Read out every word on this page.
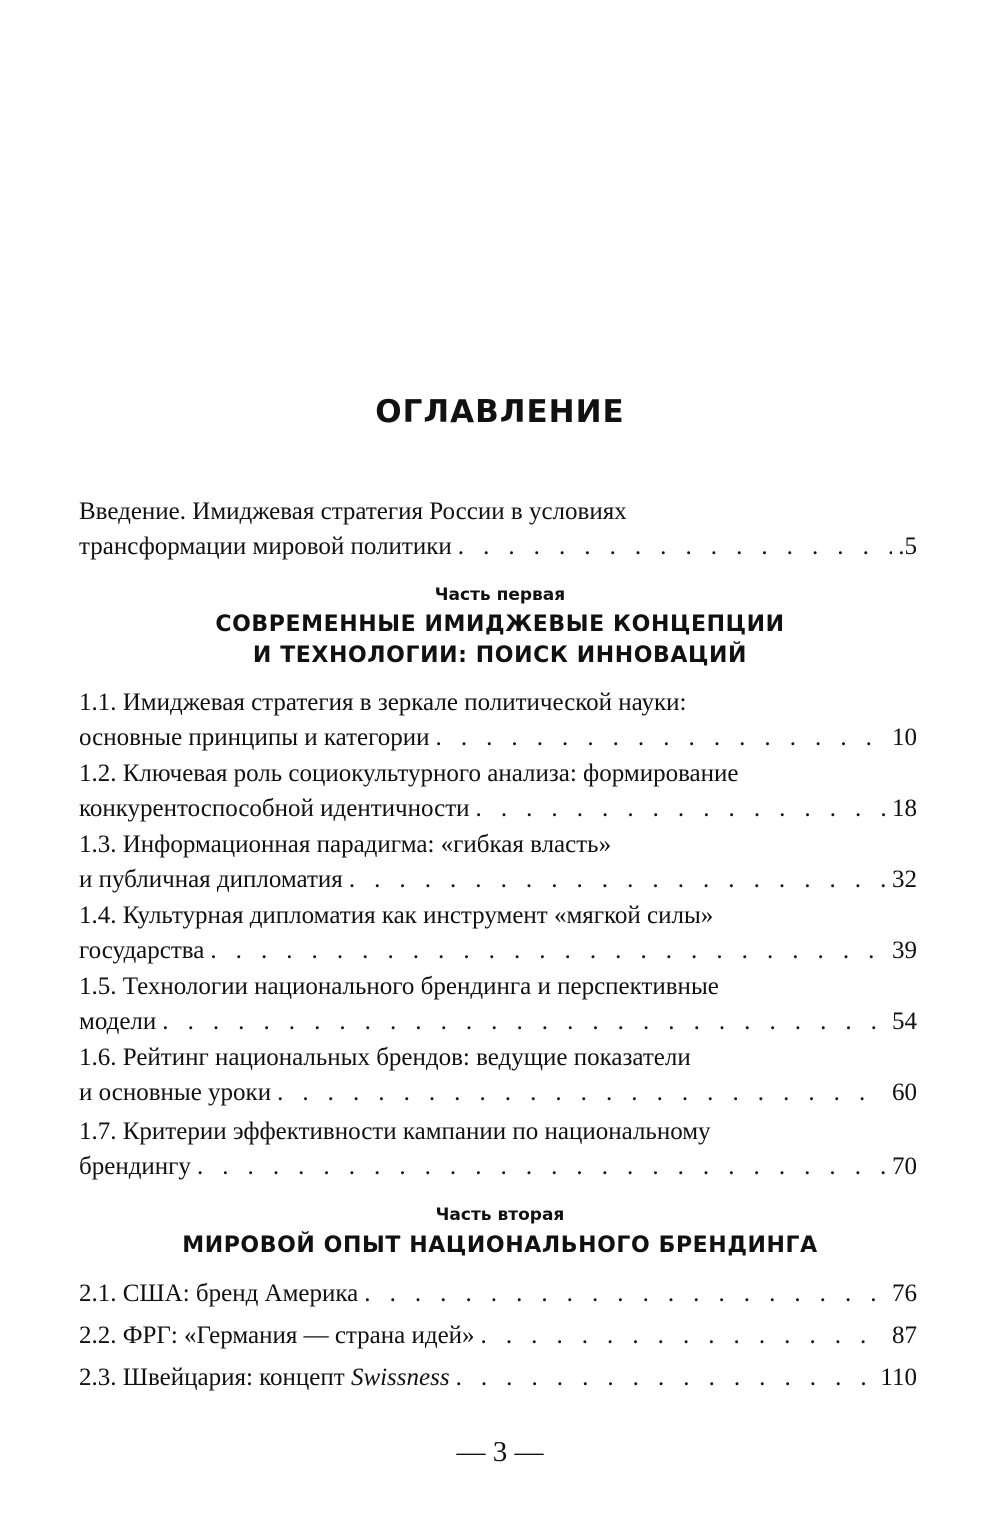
ОГЛАВЛЕНИЕ
Введение. Имиджевая стратегия России в условиях
трансформации мировой политики . . .	.5
Часть первая
СОВРЕМЕННЫЕ ИМИДЖЕВЫЕ КОНЦЕПЦИИ
И ТЕХНОЛОГИИ: ПОИСК ИННОВАЦИЙ
1.1. Имиджевая стратегия в зеркале политической науки:
основные принципы и категории . . .	10
1.2. Ключевая роль социокультурного анализа: формирование
конкурентоспособной идентичности . . .	18
1.3. Информационная парадигма: «гибкая власть»
и публичная дипломатия . . .	32
1.4. Культурная дипломатия как инструмент «мягкой силы»
государства . . .	39
1.5. Технологии национального брендинга и перспективные
модели . . .	54
1.6. Рейтинг национальных брендов: ведущие показатели
и основные уроки . . .	60
1.7. Критерии эффективности кампании по национальному
брендингу . . .	70
Часть вторая
МИРОВОЙ ОПЫТ НАЦИОНАЛЬНОГО БРЕНДИНГА
2.1. США: бренд Америка . . .	76
2.2. ФРГ: «Германия — страна идей» . . .	87
2.3. Швейцария: концепт Swissness . . .	110
— 3 —
